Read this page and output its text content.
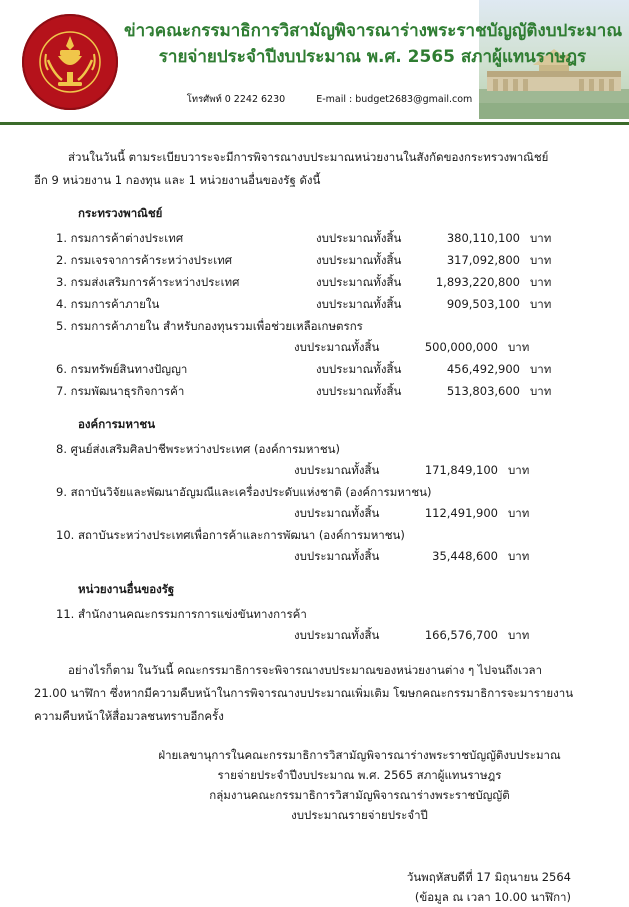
ข่าวคณะกรรมาธิการวิสามัญพิจารณาร่างพระราชบัญญัติงบประมาณ
รายจ่ายประจำปีงบประมาณ พ.ศ. 2565 สภาผู้แทนราษฎร
โทรศัพท์ 0 2242 6230	E-mail : budget2683@gmail.com

ส่วนในวันนี้ ตามระเบียบวาระจะมีการพิจารณางบประมาณหน่วยงานในสังกัดของกระทรวงพาณิชย์

อีก 9 หน่วยงาน 1 กองทุน และ 1 หน่วยงานอื่นของรัฐ ดังนี้

กระทรวงพาณิชย์
1. กรมการค้าต่างประเทศ	งบประมาณทั้งสิ้น	380,110,100 บาท
2. กรมเจรจาการค้าระหว่างประเทศ	งบประมาณทั้งสิ้น	317,092,800 บาท
3. กรมส่งเสริมการค้าระหว่างประเทศ	งบประมาณทั้งสิ้น	1,893,220,800 บาท
4. กรมการค้าภายใน	งบประมาณทั้งสิ้น	909,503,100 บาท
5. กรมการค้าภายใน สำหรับกองทุนรวมเพื่อช่วยเหลือเกษตรกร
งบประมาณทั้งสิ้น	500,000,000 บาท
6. กรมทรัพย์สินทางปัญญา	งบประมาณทั้งสิ้น	456,492,900 บาท
7. กรมพัฒนาธุรกิจการค้า	งบประมาณทั้งสิ้น	513,803,600 บาท
องค์การมหาชน
8. ศูนย์ส่งเสริมศิลปาชีพระหว่างประเทศ (องค์การมหาชน)
งบประมาณทั้งสิ้น	171,849,100 บาท
9. สถาบันวิจัยและพัฒนาอัญมณีและเครื่องประดับแห่งชาติ (องค์การมหาชน)
งบประมาณทั้งสิ้น	112,491,900 บาท
10. สถาบันระหว่างประเทศเพื่อการค้าและการพัฒนา (องค์การมหาชน)
งบประมาณทั้งสิ้น	35,448,600 บาท
หน่วยงานอื่นของรัฐ
11. สำนักงานคณะกรรมการการแข่งขันทางการค้า
งบประมาณทั้งสิ้น	166,576,700 บาท

อย่างไรก็ตาม ในวันนี้ คณะกรรมาธิการจะพิจารณางบประมาณของหน่วยงานต่าง ๆ ไปจนถึงเวลา

21.00 นาฬิกา ซึ่งหากมีความคืบหน้าในการพิจารณางบประมาณเพิ่มเติม โฆษกคณะกรรมาธิการจะมารายงาน

ความคืบหน้าให้สื่อมวลชนทราบอีกครั้ง

ฝ่ายเลขานุการในคณะกรรมาธิการวิสามัญพิจารณาร่างพระราชบัญญัติงบประมาณ
รายจ่ายประจำปีงบประมาณ พ.ศ. 2565 สภาผู้แทนราษฎร
กลุ่มงานคณะกรรมาธิการวิสามัญพิจารณาร่างพระราชบัญญัติ
งบประมาณรายจ่ายประจำปี
วันพฤหัสบดีที่ 17 มิถุนายน 2564
(ข้อมูล ณ เวลา 10.00 นาฬิกา)
